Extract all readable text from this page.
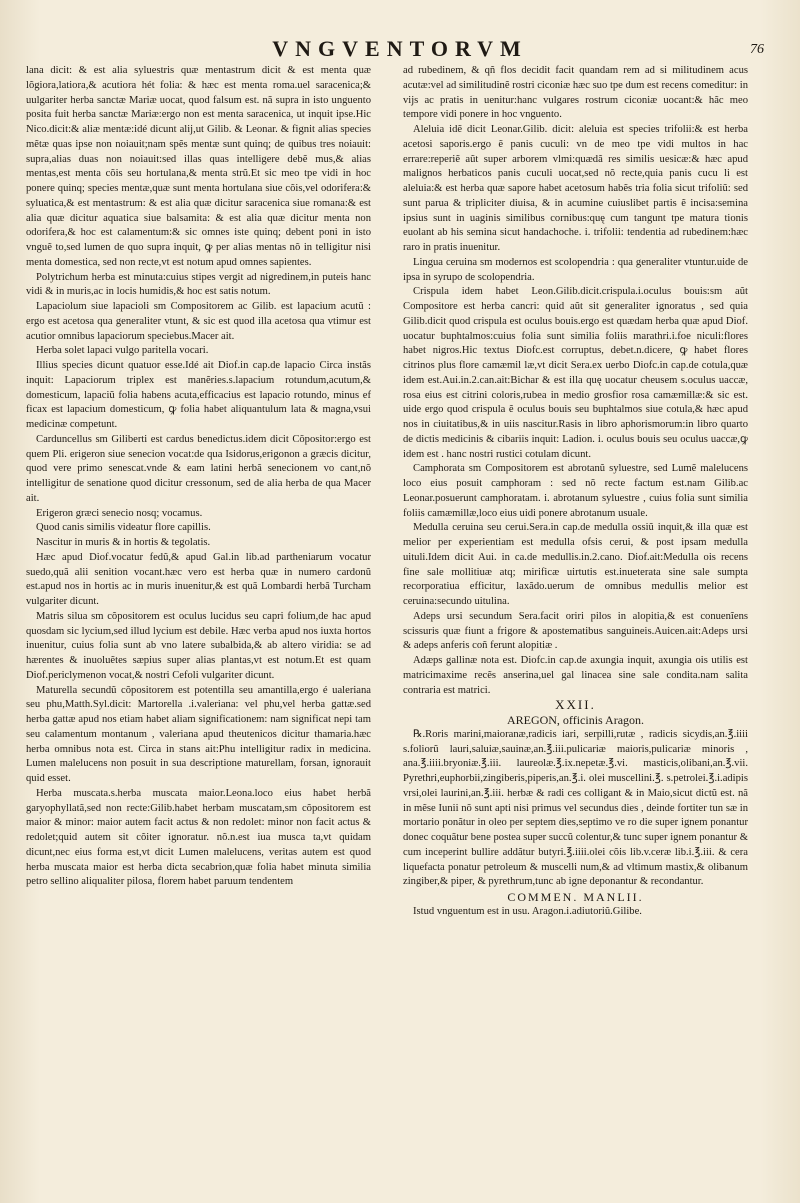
VNGVENTORVM	76

lana dicit: & est alia syluestris quæ mentastrum dicit & est menta quæ lõgiora,latiora,& acutiora hét folia: & hæc est menta roma.uel saracenica;& uulgariter herba sanctæ Mariæ uocat, quod falsum est. nã supra in isto unguento posita fuit herba sanctæ Mariæ:ergo non est menta saracenica, ut inquit ipse.Hic Nico.dicit:& aliæ mentæ:idé dicunt alij,ut Gilib. & Leonar. & fignit alias species mẽtæ quas ipse non noiauit;nam spẽs mentæ sunt quinq; de quibus tres noiauit: supra,alias duas non noiauit:sed illas quas intelligere debẽ mus,& alias mentas,est menta cõis seu hortulana,& menta strũ.Et sic meo tpe vidi in hoc ponere quinq; species mentæ,quæ sunt menta hortulana siue cõis,vel odorifera:& syluatica,& est mentastrum: & est alia quæ dicitur saracenica siue romana:& est alia quæ dicitur aquatica siue balsamita: & est alia quæ dicitur menta non odorifera,& hoc est calamentum:& sic omnes iste quinq; debent poni in isto vnguẽ to,sed lumen de quo supra inquit, ꝙ per alias mentas nõ in telligitur nisi menta domestica, sed non recte,vt est notum apud omnes sapientes.

Polytrichum herba est minuta:cuius stipes vergit ad nigredinem,in puteis hanc vidi & in muris,ac in locis humidis,& hoc est satis notum.

Lapaciolum siue lapacioli sm Compositorem ac Gilib. est lapacium acutũ : ergo est acetosa qua generaliter vtunt, & sic est quod illa acetosa qua vtimur est acutior omnibus lapaciorum speciebus.Macer ait.

Herba solet lapaci vulgo paritella vocari.

Illius species dicunt quatuor esse.Idé ait Diof.in cap.de lapacio Circa instãs inquit: Lapaciorum triplex est manẽries.s.lapacium rotundum,acutum,& domesticum, lapaciũ folia habens acuta,efficacius est lapacio rotundo, minus ef ficax est lapacium domesticum, ꝙ folia habet aliquantulum lata & magna,vsui medicinæ competunt.

Carduncellus sm Giliberti est cardus benedictus.idem dicit Cõpositor:ergo est quem Pli. erigeron siue senecion vocat:de qua Isidorus,erigonon a græcis dicitur, quod vere primo senescat.vnde & eam latini herbã senecionem vo cant,nõ intelligitur de senatione quod dicitur cressonum, sed de alia herba de qua Macer ait.

Erigeron græci senecio nosq; vocamus.

Quod canis similis videatur flore capillis.

Nascitur in muris & in hortis & tegolatis.

Hæc apud Diof.vocatur fedũ,& apud Gal.in lib.ad partheniarum vocatur suedo,quã alii senition vocant.hæc vero est herba quæ in numero cardonũ est.apud nos in hortis ac in muris inuenitur,& est quã Lombardi herbã Turcham vulgariter dicunt.

Matris silua sm cõpositorem est oculus lucidus seu capri folium,de hac apud quosdam sic lycium,sed illud lycium est debile. Hæc verba apud nos iuxta hortos inuenitur, cuius folia sunt ab vno latere subalbida,& ab altero viridia: se ad hærentes & inuoluẽtes sæpius super alias plantas,vt est notum.Et est quam Diof.periclymenon vocat,& nostri Cefoli vulgariter dicunt.

Maturella secundũ cõpositorem est potentilla seu amantilla,ergo é ualeriana seu phu,Matth.Syl.dicit: Martorella .i.valeriana: vel phu,vel herba gattæ.sed herba gattæ apud nos etiam habet aliam significationem: nam significat nepi tam seu calamentum montanum , valeriana apud theutenicos dicitur thamaria.hæc herba omnibus nota est. Circa in stans ait:Phu intelligitur radix in medicina. Lumen malelucens non posuit in sua descriptione maturellam, forsan, ignorauit quid esset.

Herba muscata.s.herba muscata maior.Leona.loco eius habet herbã garyophyllatã,sed non recte:Gilib.habet herbam muscatam,sm cõpositorem est maior & minor: maior autem facit actus & non redolet: minor non facit actus & redolet;quid autem sit cõiter ignoratur. nõ.n.est iua musca ta,vt quidam dicunt,nec eius forma est,vt dicit Lumen malelucens, veritas autem est quod herba muscata maior est herba dicta secabrion,quæ folia habet minuta similia petro sellino aliqualiter pilosa, florem habet paruum tendentem

ad rubedinem, & qñ flos decidit facit quandam rem ad si militudinem acus acutæ:vel ad similitudinẽ rostri ciconiæ hæc suo tpe dum est recens comeditur: in vijs ac pratis in uenitur:hanc vulgares rostrum ciconiæ uocant:& hãc meo tempore vidi ponere in hoc vnguento.

Aleluia idẽ dicit Leonar.Gilib. dicit: aleluia est species trifolii:& est herba acetosi saporis.ergo ẽ panis cuculi: vn de meo tpe vidi multos in hac errare:reperiẽ aũt super arborem vlmi:quædã res similis uesicæ:& hæc apud malignos herbaticos panis cuculi uocat,sed nõ recte,quia panis cucu li est aleluia:& est herba quæ sapore habet acetosum habẽs tria folia sicut trifoliũ: sed sunt parua & tripliciter diuisa, & in acumine cuiuslibet partis ẽ incisa:semina ipsius sunt in uaginis similibus cornibus:quę cum tangunt tpe matura tionis euolant ab his semina sicut handachoche. i. trifolii: tendentia ad rubedinem:hæc raro in pratis inuenitur.

Lingua ceruina sm modernos est scolopendria : qua generaliter vtuntur.uide de ipsa in syrupo de scolopendria.

Crispula idem habet Leon.Gilib.dicit.crispula.i.oculus bouis:sm aũt Compositore est herba cancri: quid aũt sit generaliter ignoratus , sed quia Gilib.dicit quod crispula est oculus bouis.ergo est quædam herba quæ apud Diof. uocatur buphtalmos:cuius folia sunt similia foliis marathri.i.foe niculi:flores habet nigros.Hic textus Diofc.est corruptus, debet.n.dicere, ꝙ habet flores citrinos plus flore camæmil læ,vt dicit Sera.ex uerbo Diofc.in cap.de cotula,quæ idem est.Aui.in.2.can.ait:Bichar & est illa quę uocatur cheusem s.oculus uaccæ, rosa eius est citrini coloris,rubea in medio grosfior rosa camæmillæ:& sic est. uide ergo quod crispula ẽ oculus bouis seu buphtalmos siue cotula,& hæc apud nos in ciuitatibus,& in uiis nascitur.Rasis in libro aphorismorum:in libro quarto de dictis medicinis & cibariis inquit: Ladion. i. oculus bouis seu oculus uaccæ,ꝙ idem est . hanc nostri rustici cotulam dicunt.

Camphorata sm Compositorem est abrotanũ syluestre, sed Lumẽ malelucens loco eius posuit camphoram : sed nõ recte factum est.nam Gilib.ac Leonar.posuerunt camphoratam. i. abrotanum syluestre , cuius folia sunt similia foliis camæmillæ,loco eius uidi ponere abrotanum usuale.

Medulla ceruina seu cerui.Sera.in cap.de medulla ossiũ inquit,& illa quæ est melior per experientiam est medulla ofsis cerui, & post ipsam medulla uituli.Idem dicit Aui. in ca.de medullis.in.2.cano. Diof.ait:Medulla ois recens fine sale mollitiuæ atq; mirificæ uirtutis est.inueterata sine sale sumpta recorporatiua efficitur, laxãdo.uerum de omnibus medullis melior est ceruina:secundo uitulina.

Adeps ursi secundum Sera.facit oriri pilos in alopitia,& est conuenĩens scissuris quæ fiunt a frigore & apostematibus sanguineis.Auicen.ait:Adeps ursi & adeps anferis coñ ferunt alopitiæ .

Adæps gallinæ nota est. Diofc.in cap.de axungia inquit, axungia ois utilis est matricimaxime recẽs anserina,uel gal linacea sine sale condita.nam salita contraria est matrici.

XXII.

AREGON, officinis Aragon.

℞.Roris marini,maioranæ,radicis iari, serpilli,rutæ , radicis sicydis,an.℥.iiii s.foliorũ lauri,saluiæ,sauinæ,an.℥.iii.pulicariæ maioris,pulicariæ minoris , ana.℥.iiii.bryoniæ.℥.iii. laureolæ.℥.ix.nepetæ.℥.vi. masticis,olibani,an.℥.vii. Pyrethri,euphorbii,zingiberis,piperis,an.℥.i. olei muscellini.℥. s.petrolei.℥.i.adipis vrsi,olei laurini,an.℥.iii. herbæ & radi ces colligant & in Maio,sicut dictũ est. nã in mẽse Iunii nõ sunt apti nisi primus vel secundus dies , deinde fortiter tun sæ in mortario ponãtur in oleo per septem dies,septimo ve ro die super ignem ponantur donec coquãtur bene postea super succũ colentur,& tunc super ignem ponantur & cum inceperint bullire addãtur butyri.℥.iiii.olei cõis lib.v.ceræ lib.i.℥.iii. & cera liquefacta ponatur petroleum & muscelli num,& ad vltimum mastix,& olibanum zingiber,& piper, & pyrethrum,tunc ab igne deponantur & recondantur.

COMMEN. MANLII.

Istud vnguentum est in usu. Aragon.i.adiutoriũ.Gilibe.
